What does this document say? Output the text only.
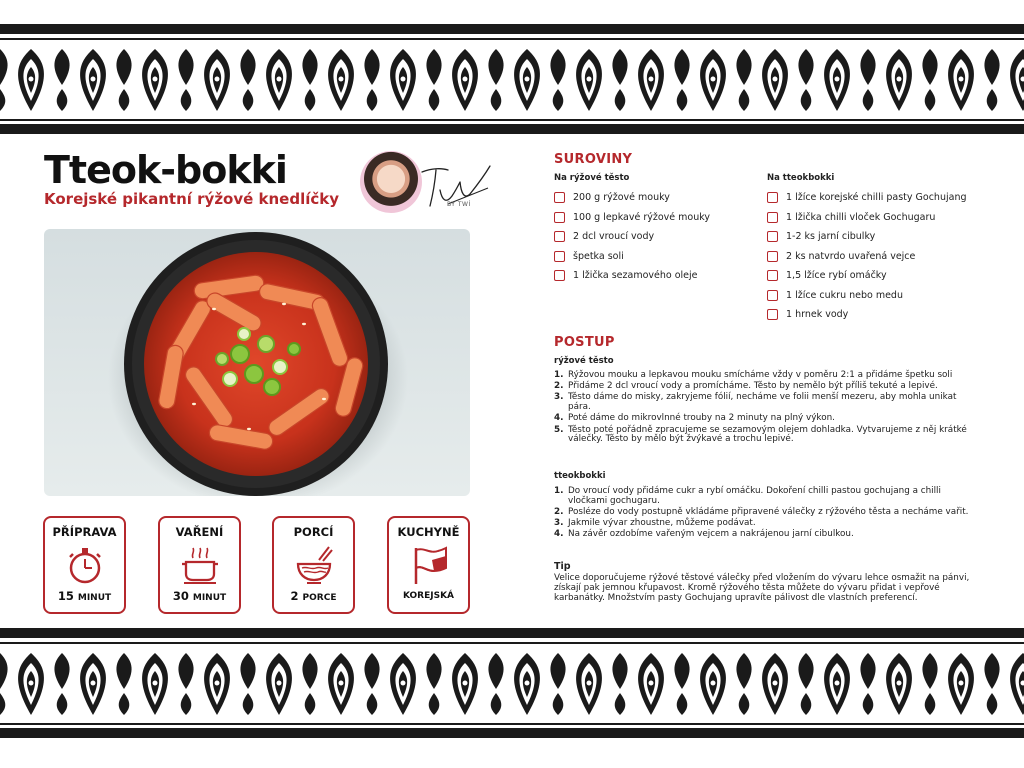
Tteok-bokki
Korejské pikantní rýžové knedlíčky	BY TWÍ
PŘÍPRAVA
15 MINUT
VAŘENÍ
30 MINUT
PORCÍ
2 PORCE
KUCHYNĚ
KOREJSKÁ
SUROVINY
Na rýžové těsto
200 g rýžové mouky
100 g lepkavé rýžové mouky
2 dcl vroucí vody
špetka soli
1 lžička sezamového oleje
Na tteokbokki
1 lžíce korejské chilli pasty Gochujang
1 lžička chilli vloček Gochugaru
1-2 ks jarní cibulky
2 ks natvrdo uvařená vejce
1,5 lžíce rybí omáčky
1 lžíce cukru nebo medu
1 hrnek vody
POSTUP
rýžové těsto
1. Rýžovou mouku a lepkavou mouku smícháme vždy v poměru 2:1 a přidáme špetku soli
2. Přidáme 2 dcl vroucí vody a promícháme. Těsto by nemělo být příliš tekuté a lepivé.
3. Těsto dáme do misky, zakryjeme fólií, necháme ve folii menší mezeru, aby mohla unikat pára.
4. Poté dáme do mikrovlnné trouby na 2 minuty na plný výkon.
5. Těsto poté pořádně zpracujeme se sezamovým olejem dohladka. Vytvarujeme z něj krátké válečky. Těsto by mělo být žvýkavé a trochu lepivé.
tteokbokki
1. Do vroucí vody přidáme cukr a rybí omáčku. Dokoření chilli pastou gochujang a chilli vločkami gochugaru.
2. Posléze do vody postupně vkládáme připravené válečky z rýžového těsta a necháme vařit.
3. Jakmile vývar zhoustne, můžeme podávat.
4. Na závěr ozdobíme vařeným vejcem a nakrájenou jarní cibulkou.
Tip
Velice doporučujeme rýžové těstové válečky před vložením do vývaru lehce osmažit na pánvi, získají pak jemnou křupavost. Kromě rýžového těsta můžete do vývaru přidat i vepřové karbanátky. Množstvím pasty Gochujang upravíte pálivost dle vlastních preferencí.
